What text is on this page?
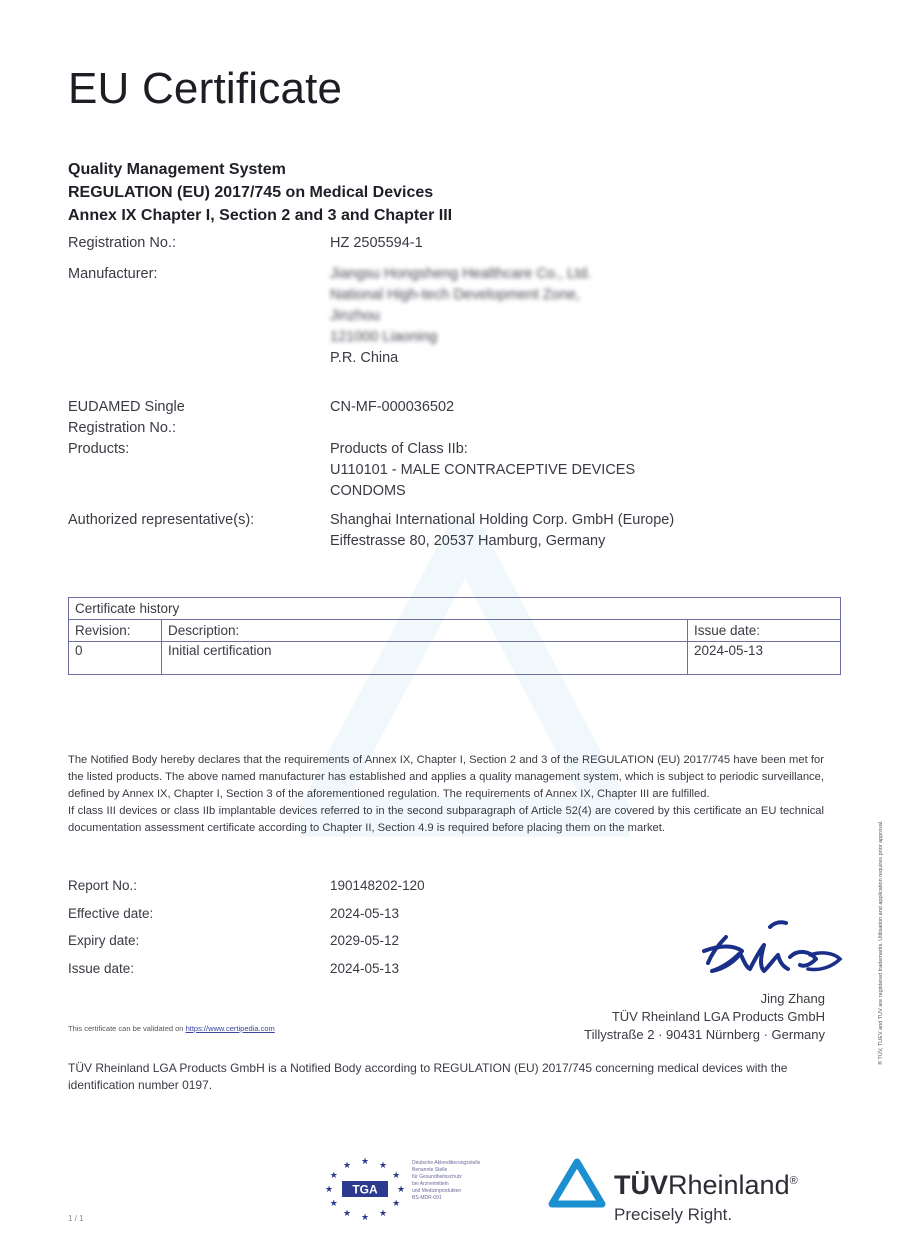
EU Certificate
Quality Management System
REGULATION (EU) 2017/745 on Medical Devices
Annex IX Chapter I, Section 2 and 3 and Chapter III
Registration No.:	HZ 2505594-1
Manufacturer:	Jiangsu Hongsheng Healthcare Co., Ltd.
National High-tech Development Zone,
Jinzhou
121000 Liaoning
P.R. China
EUDAMED Single
Registration No.:
CN-MF-000036502
Products:	Products of Class IIb:
U110101 - MALE CONTRACEPTIVE DEVICES
CONDOMS
Authorized representative(s):	Shanghai International Holding Corp. GmbH (Europe)
Eiffestrasse 80, 20537 Hamburg, Germany
Certificate history		
Revision:	Description:	Issue date:
0	Initial certification	2024-05-13
The Notified Body hereby declares that the requirements of Annex IX, Chapter I, Section 2 and 3 of the REGULATION (EU) 2017/745 have been met for the listed products. The above named manufacturer has established and applies a quality management system, which is subject to periodic surveillance, defined by Annex IX, Chapter I, Section 3 of the aforementioned regulation. The requirements of Annex IX, Chapter III are fulfilled.
If class III devices or class IIb implantable devices referred to in the second subparagraph of Article 52(4) are covered by this certificate an EU technical documentation assessment certificate according to Chapter II, Section 4.9 is required before placing them on the market.
Report No.:	190148202-120
Effective date:	2024-05-13
Expiry date:	2029-05-12
Issue date:	2024-05-13
This certificate can be validated on https://www.certipedia.com
Jing Zhang
TÜV Rheinland LGA Products GmbH
Tillystraße 2 · 90431 Nürnberg · Germany
TÜV Rheinland LGA Products GmbH is a Notified Body according to REGULATION (EU) 2017/745 concerning medical devices with the identification number 0197.
® TÜV, TUEV and TUV are registered trademarks. Utilisation and application requires prior approval.
★
★
★
★
★
★
★
★
★ ★ ★
★
TGA
Deutsche Akkreditierungsstelle
Benannte Stelle
für Gesundheitsschutz
bei Arzneimitteln
und Medizinprodukten
BS-MDR-091
1 / 1
TÜVRheinland®
Precisely Right.
